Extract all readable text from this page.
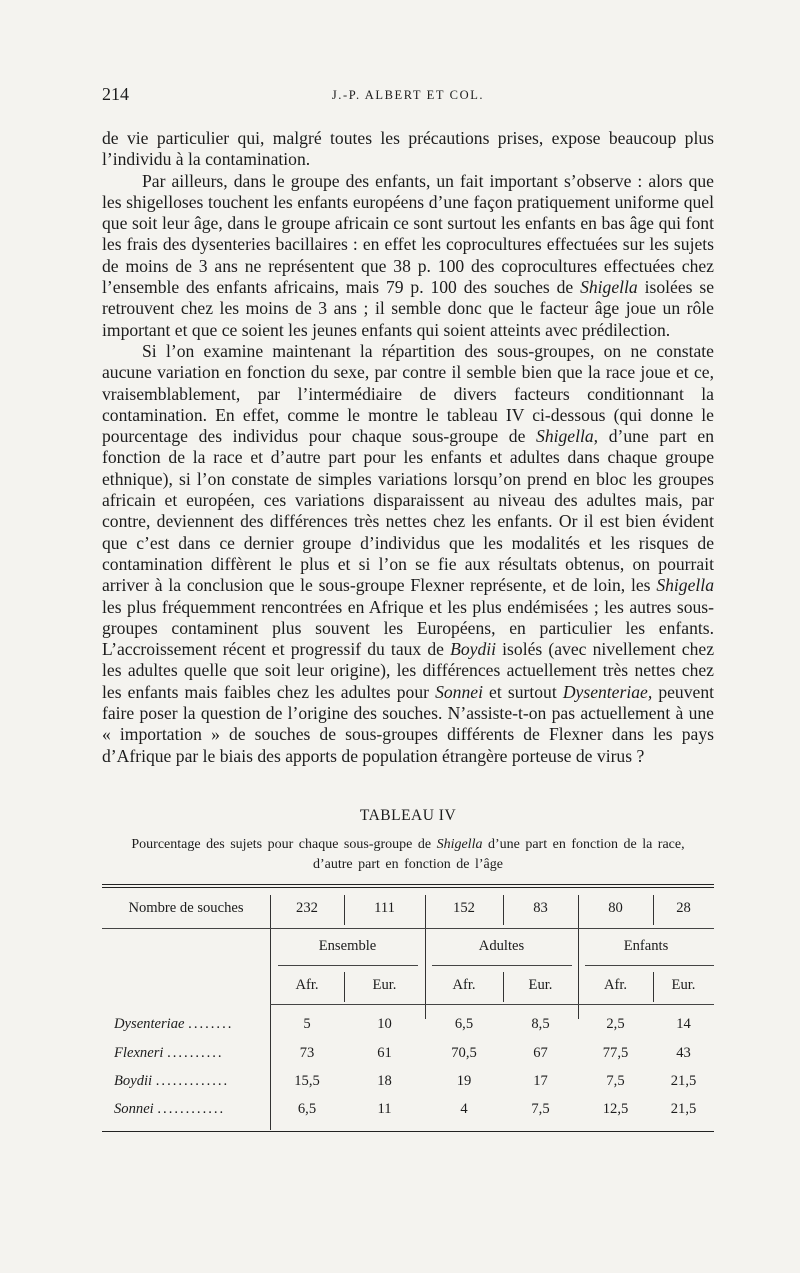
214	J.-P. ALBERT ET COL.

de vie particulier qui, malgré toutes les précautions prises, expose beaucoup plus l’individu à la contamination.

Par ailleurs, dans le groupe des enfants, un fait important s’observe : alors que les shigelloses touchent les enfants européens d’une façon pratiquement uniforme quel que soit leur âge, dans le groupe africain ce sont surtout les enfants en bas âge qui font les frais des dysenteries bacillaires : en effet les coprocultures effectuées sur les sujets de moins de 3 ans ne représentent que 38 p. 100 des coprocultures effectuées chez l’ensemble des enfants africains, mais 79 p. 100 des souches de Shigella isolées se retrouvent chez les moins de 3 ans ; il semble donc que le facteur âge joue un rôle important et que ce soient les jeunes enfants qui soient atteints avec prédilection.

Si l’on examine maintenant la répartition des sous-groupes, on ne constate aucune variation en fonction du sexe, par contre il semble bien que la race joue et ce, vraisemblablement, par l’intermédiaire de divers facteurs conditionnant la contamination. En effet, comme le montre le tableau IV ci-dessous (qui donne le pourcentage des individus pour chaque sous-groupe de Shigella, d’une part en fonction de la race et d’autre part pour les enfants et adultes dans chaque groupe ethnique), si l’on constate de simples variations lorsqu’on prend en bloc les groupes africain et européen, ces variations disparaissent au niveau des adultes mais, par contre, deviennent des différences très nettes chez les enfants. Or il est bien évident que c’est dans ce dernier groupe d’individus que les modalités et les risques de contamination diffèrent le plus et si l’on se fie aux résultats obtenus, on pourrait arriver à la conclusion que le sous-groupe Flexner représente, et de loin, les Shigella les plus fréquemment rencontrées en Afrique et les plus endémisées ; les autres sous-groupes contaminent plus souvent les Européens, en particulier les enfants. L’accroissement récent et progressif du taux de Boydii isolés (avec nivellement chez les adultes quelle que soit leur origine), les différences actuellement très nettes chez les enfants mais faibles chez les adultes pour Sonnei et surtout Dysenteriae, peuvent faire poser la question de l’origine des souches. N’assiste-t-on pas actuellement à une « importation » de souches de sous-groupes différents de Flexner dans les pays d’Afrique par le biais des apports de population étrangère porteuse de virus ?

TABLEAU IV
Pourcentage des sujets pour chaque sous-groupe de Shigella d’une part en fonction de la race, d’autre part en fonction de l’âge
Nombre de souches	232	111	152	83	80	28
Ensemble	Adultes	Enfants
Afr.	Eur.	Afr.	Eur.	Afr.	Eur.
Dysenteriae ........	5	10	6,5	8,5	2,5	14
Flexneri ..........	73	61	70,5	67	77,5	43
Boydii .............	15,5	18	19	17	7,5	21,5
Sonnei ............	6,5	11	4	7,5	12,5	21,5
